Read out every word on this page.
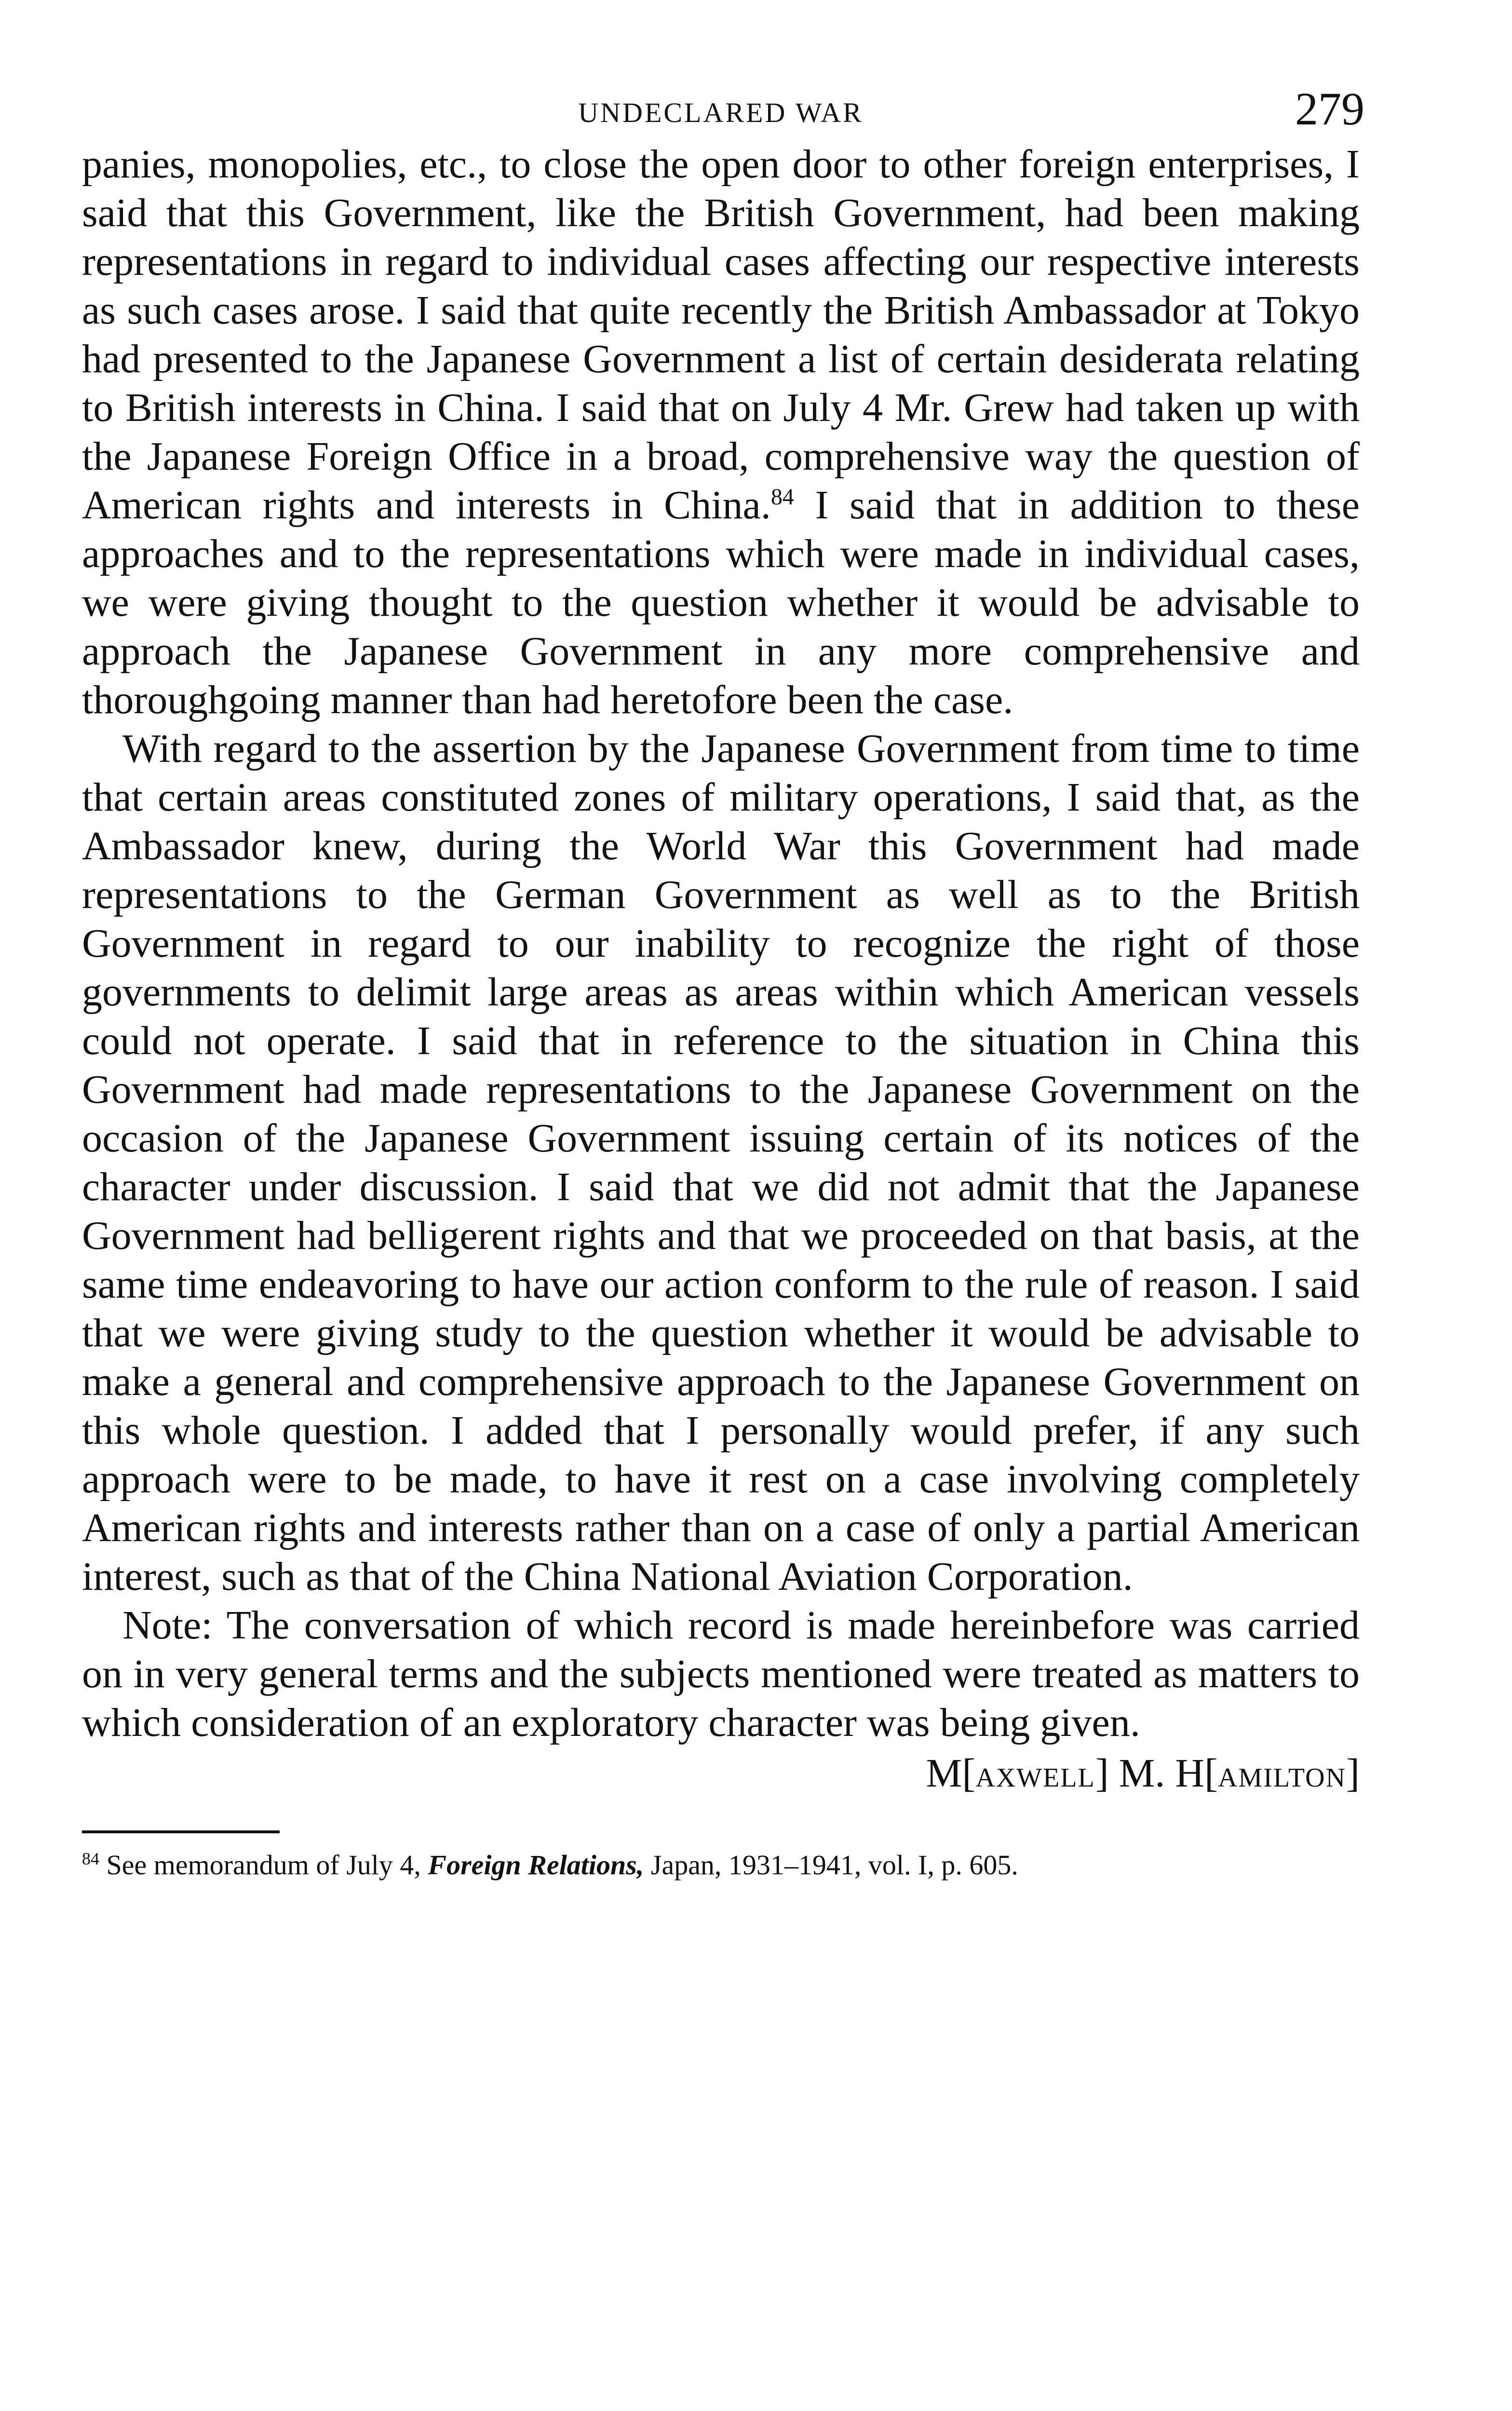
UNDECLARED WAR	279

panies, monopolies, etc., to close the open door to other foreign enterprises, I said that this Government, like the British Government, had been making representations in regard to individual cases affecting our respective interests as such cases arose. I said that quite recently the British Ambassador at Tokyo had presented to the Japanese Government a list of certain desiderata relating to British interests in China. I said that on July 4 Mr. Grew had taken up with the Japanese Foreign Office in a broad, comprehensive way the question of American rights and interests in China.$^{84}$ I said that in addition to these approaches and to the representations which were made in individual cases, we were giving thought to the question whether it would be advisable to approach the Japanese Government in any more comprehensive and thoroughgoing manner than had heretofore been the case.

With regard to the assertion by the Japanese Government from time to time that certain areas constituted zones of military operations, I said that, as the Ambassador knew, during the World War this Government had made representations to the German Government as well as to the British Government in regard to our inability to recognize the right of those governments to delimit large areas as areas within which American vessels could not operate. I said that in reference to the situation in China this Government had made representations to the Japanese Government on the occasion of the Japanese Government issuing certain of its notices of the character under discussion. I said that we did not admit that the Japanese Government had belligerent rights and that we proceeded on that basis, at the same time endeavoring to have our action conform to the rule of reason. I said that we were giving study to the question whether it would be advisable to make a general and comprehensive approach to the Japanese Government on this whole question. I added that I personally would prefer, if any such approach were to be made, to have it rest on a case involving completely American rights and interests rather than on a case of only a partial American interest, such as that of the China National Aviation Corporation.

Note: The conversation of which record is made hereinbefore was carried on in very general terms and the subjects mentioned were treated as matters to which consideration of an exploratory character was being given.

M[AXWELL] M. H[AMILTON]
$^{84}$ See memorandum of July 4, Foreign Relations, Japan, 1931–1941, vol. I, p. 605.
